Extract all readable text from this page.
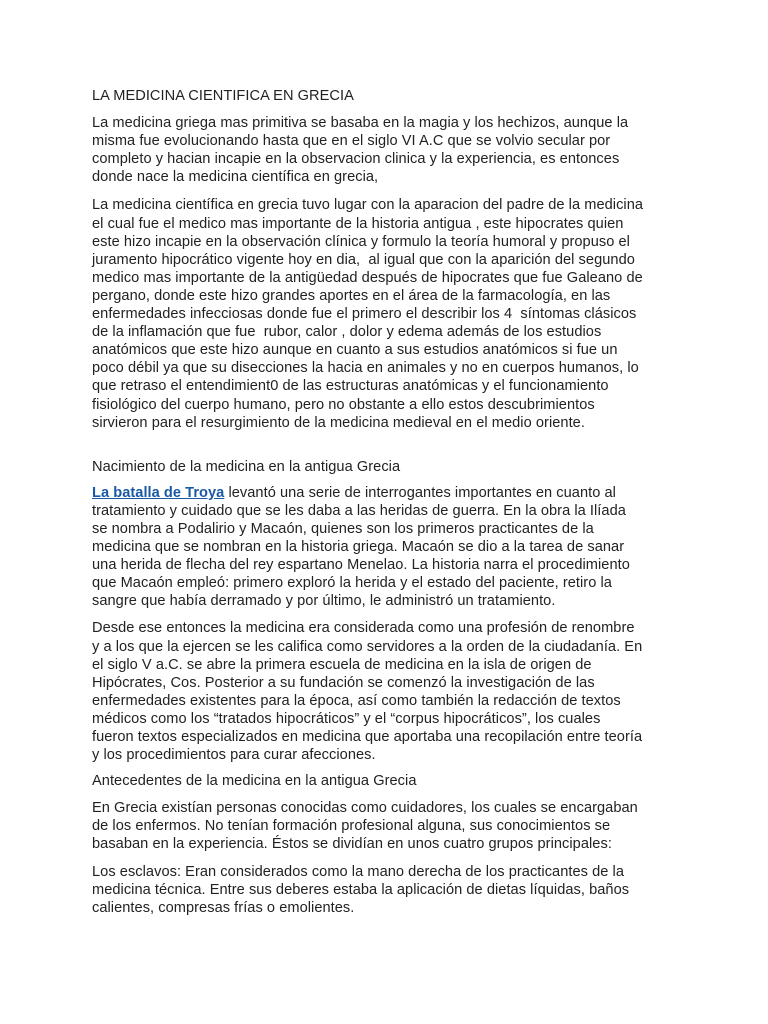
LA MEDICINA CIENTIFICA EN GRECIA

La medicina griega mas primitiva se basaba en la magia y los hechizos, aunque la
misma fue evolucionando hasta que en el siglo VI A.C que se volvio secular por
completo y hacian incapie en la observacion clinica y la experiencia, es entonces
donde nace la medicina científica en grecia,

La medicina científica en grecia tuvo lugar con la aparacion del padre de la medicina
el cual fue el medico mas importante de la historia antigua , este hipocrates quien
este hizo incapie en la observación clínica y formulo la teoría humoral y propuso el
juramento hipocrático vigente hoy en dia,  al igual que con la aparición del segundo
medico mas importante de la antigüedad después de hipocrates que fue Galeano de
pergano, donde este hizo grandes aportes en el área de la farmacología, en las
enfermedades infecciosas donde fue el primero el describir los 4  síntomas clásicos
de la inflamación que fue  rubor, calor , dolor y edema además de los estudios
anatómicos que este hizo aunque en cuanto a sus estudios anatómicos si fue un
poco débil ya que su disecciones la hacia en animales y no en cuerpos humanos, lo
que retraso el entendimient0 de las estructuras anatómicas y el funcionamiento
fisiológico del cuerpo humano, pero no obstante a ello estos descubrimientos
sirvieron para el resurgimiento de la medicina medieval en el medio oriente.

Nacimiento de la medicina en la antigua Grecia

La batalla de Troya levantó una serie de interrogantes importantes en cuanto al
tratamiento y cuidado que se les daba a las heridas de guerra. En la obra la Ilíada
se nombra a Podalirio y Macaón, quienes son los primeros practicantes de la
medicina que se nombran en la historia griega. Macaón se dio a la tarea de sanar
una herida de flecha del rey espartano Menelao. La historia narra el procedimiento
que Macaón empleó: primero exploró la herida y el estado del paciente, retiro la
sangre que había derramado y por último, le administró un tratamiento.

Desde ese entonces la medicina era considerada como una profesión de renombre
y a los que la ejercen se les califica como servidores a la orden de la ciudadanía. En
el siglo V a.C. se abre la primera escuela de medicina en la isla de origen de
Hipócrates, Cos. Posterior a su fundación se comenzó la investigación de las
enfermedades existentes para la época, así como también la redacción de textos
médicos como los “tratados hipocráticos” y el “corpus hipocráticos”, los cuales
fueron textos especializados en medicina que aportaba una recopilación entre teoría
y los procedimientos para curar afecciones.

Antecedentes de la medicina en la antigua Grecia

En Grecia existían personas conocidas como cuidadores, los cuales se encargaban
de los enfermos. No tenían formación profesional alguna, sus conocimientos se
basaban en la experiencia. Éstos se dividían en unos cuatro grupos principales:

Los esclavos: Eran considerados como la mano derecha de los practicantes de la
medicina técnica. Entre sus deberes estaba la aplicación de dietas líquidas, baños
calientes, compresas frías o emolientes.
